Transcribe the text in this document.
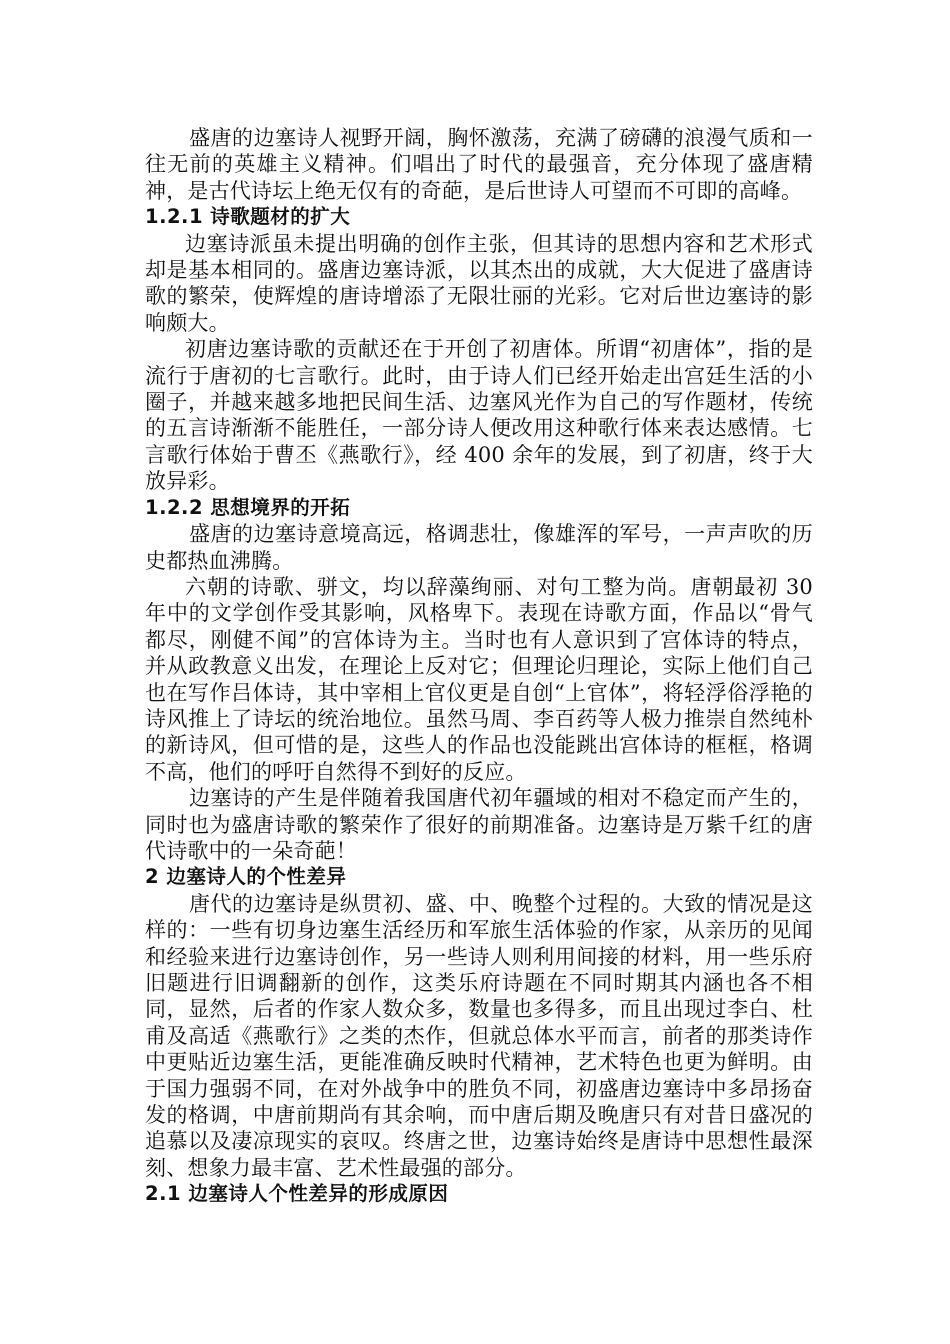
盛唐的边塞诗人视野开阔，胸怀激荡，充满了磅礴的浪漫气质和一往无前的英雄主义精神。们唱出了时代的最强音，充分体现了盛唐精神，是古代诗坛上绝无仅有的奇葩，是后世诗人可望而不可即的高峰。

1.2.1 诗歌题材的扩大

边塞诗派虽未提出明确的创作主张，但其诗的思想内容和艺术形式却是基本相同的。盛唐边塞诗派，以其杰出的成就，大大促进了盛唐诗歌的繁荣，使辉煌的唐诗增添了无限壮丽的光彩。它对后世边塞诗的影响颇大。

初唐边塞诗歌的贡献还在于开创了初唐体。所谓“初唐体”，指的是流行于唐初的七言歌行。此时，由于诗人们已经开始走出宫廷生活的小圈子，并越来越多地把民间生活、边塞风光作为自己的写作题材，传统的五言诗渐渐不能胜任，一部分诗人便改用这种歌行体来表达感情。七言歌行体始于曹丕《燕歌行》，经 400 余年的发展，到了初唐，终于大放异彩。

1.2.2 思想境界的开拓

盛唐的边塞诗意境高远，格调悲壮，像雄浑的军号，一声声吹的历史都热血沸腾。

六朝的诗歌、骈文，均以辞藻绚丽、对句工整为尚。唐朝最初 30 年中的文学创作受其影响，风格卑下。表现在诗歌方面，作品以“骨气都尽，刚健不闻”的宫体诗为主。当时也有人意识到了宫体诗的特点，并从政教意义出发，在理论上反对它；但理论归理论，实际上他们自己也在写作吕体诗，其中宰相上官仪更是自创“上官体”，将轻浮俗浮艳的诗风推上了诗坛的统治地位。虽然马周、李百药等人极力推崇自然纯朴的新诗风，但可惜的是，这些人的作品也没能跳出宫体诗的框框，格调不高，他们的呼吁自然得不到好的反应。

边塞诗的产生是伴随着我国唐代初年疆域的相对不稳定而产生的，同时也为盛唐诗歌的繁荣作了很好的前期准备。边塞诗是万紫千红的唐代诗歌中的一朵奇葩！

2 边塞诗人的个性差异

唐代的边塞诗是纵贯初、盛、中、晚整个过程的。大致的情况是这样的：一些有切身边塞生活经历和军旅生活体验的作家，从亲历的见闻和经验来进行边塞诗创作，另一些诗人则利用间接的材料，用一些乐府旧题进行旧调翻新的创作，这类乐府诗题在不同时期其内涵也各不相同，显然，后者的作家人数众多，数量也多得多，而且出现过李白、杜甫及高适《燕歌行》之类的杰作，但就总体水平而言，前者的那类诗作中更贴近边塞生活，更能准确反映时代精神，艺术特色也更为鲜明。由于国力强弱不同，在对外战争中的胜负不同，初盛唐边塞诗中多昂扬奋发的格调，中唐前期尚有其余响，而中唐后期及晚唐只有对昔日盛况的追慕以及凄凉现实的哀叹。终唐之世，边塞诗始终是唐诗中思想性最深刻、想象力最丰富、艺术性最强的部分。

2.1 边塞诗人个性差异的形成原因
